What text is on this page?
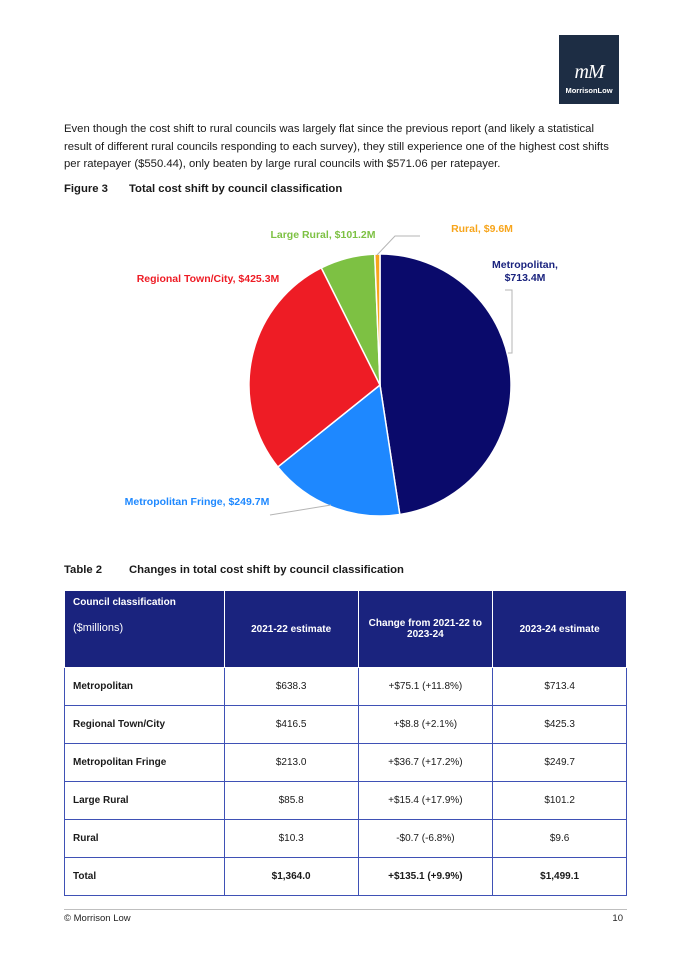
mM
MorrisonLow

Even though the cost shift to rural councils was largely flat since the previous report (and likely a statistical result of different rural councils responding to each survey), they still experience one of the highest cost shifts per ratepayer ($550.44), only beaten by large rural councils with $571.06 per ratepayer.

Figure 3 Total cost shift by council classification
Metropolitan, $713.4M
Metropolitan Fringe, $249.7M
Regional Town/City, $425.3M
Large Rural, $101.2M	Rural, $9.6M
Table 2 Changes in total cost shift by council classification
Council classification
($millions)	2021-22 estimate	Change from 2021-22 to 2023-24	2023-24 estimate
Metropolitan	$638.3	+$75.1 (+11.8%)	$713.4
Regional Town/City	$416.5	+$8.8 (+2.1%)	$425.3
Metropolitan Fringe	$213.0	+$36.7 (+17.2%)	$249.7
Large Rural	$85.8	+$15.4 (+17.9%)	$101.2
Rural	$10.3	-$0.7 (-6.8%)	$9.6
Total	$1,364.0	+$135.1 (+9.9%)	$1,499.1
© Morrison Low	10
